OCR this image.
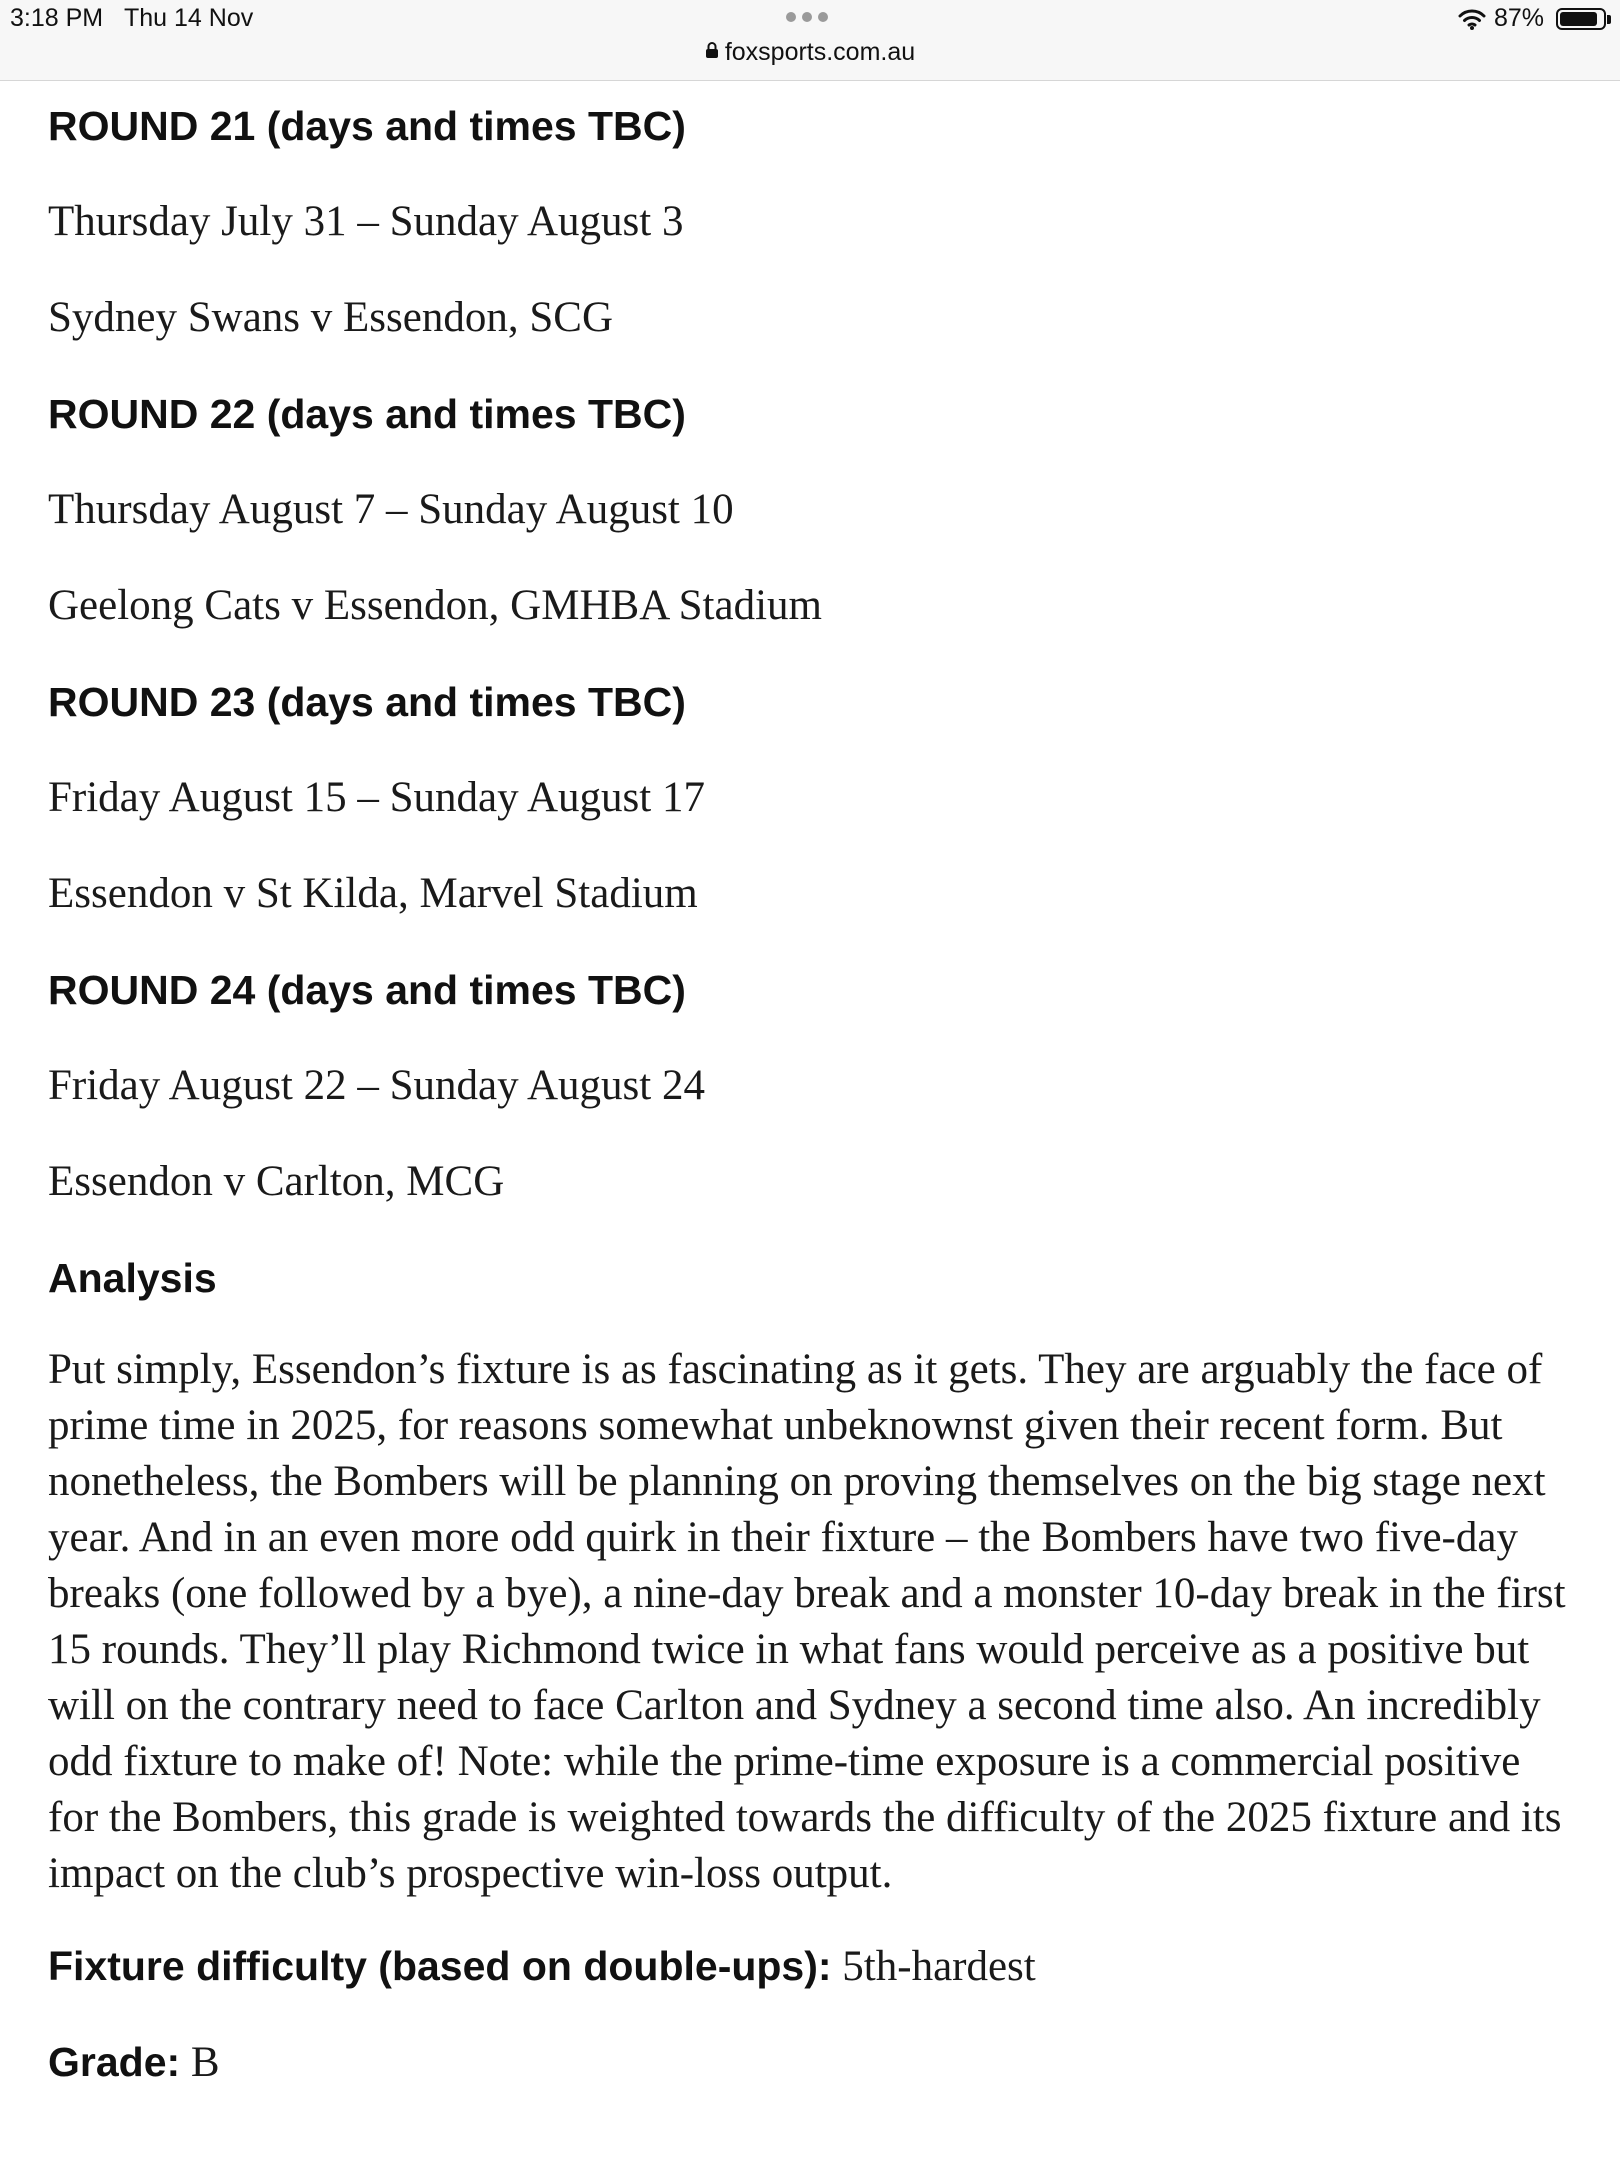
3:18 PM Thu 14 Nov
foxsports.com.au
87%
ROUND 21 (days and times TBC)
Thursday July 31 – Sunday August 3
Sydney Swans v Essendon, SCG
ROUND 22 (days and times TBC)
Thursday August 7 – Sunday August 10
Geelong Cats v Essendon, GMHBA Stadium
ROUND 23 (days and times TBC)
Friday August 15 – Sunday August 17
Essendon v St Kilda, Marvel Stadium
ROUND 24 (days and times TBC)
Friday August 22 – Sunday August 24
Essendon v Carlton, MCG
Analysis
Put simply, Essendon’s fixture is as fascinating as it gets. They are arguably the face of prime time in 2025, for reasons somewhat unbeknownst given their recent form. But nonetheless, the Bombers will be planning on proving themselves on the big stage next year. And in an even more odd quirk in their fixture – the Bombers have two five-day breaks (one followed by a bye), a nine-day break and a monster 10-day break in the first 15 rounds. They’ll play Richmond twice in what fans would perceive as a positive but will on the contrary need to face Carlton and Sydney a second time also. An incredibly odd fixture to make of! Note: while the prime-time exposure is a commercial positive for the Bombers, this grade is weighted towards the difficulty of the 2025 fixture and its impact on the club’s prospective win-loss output.
Fixture difficulty (based on double-ups): 5th-hardest
Grade: B
